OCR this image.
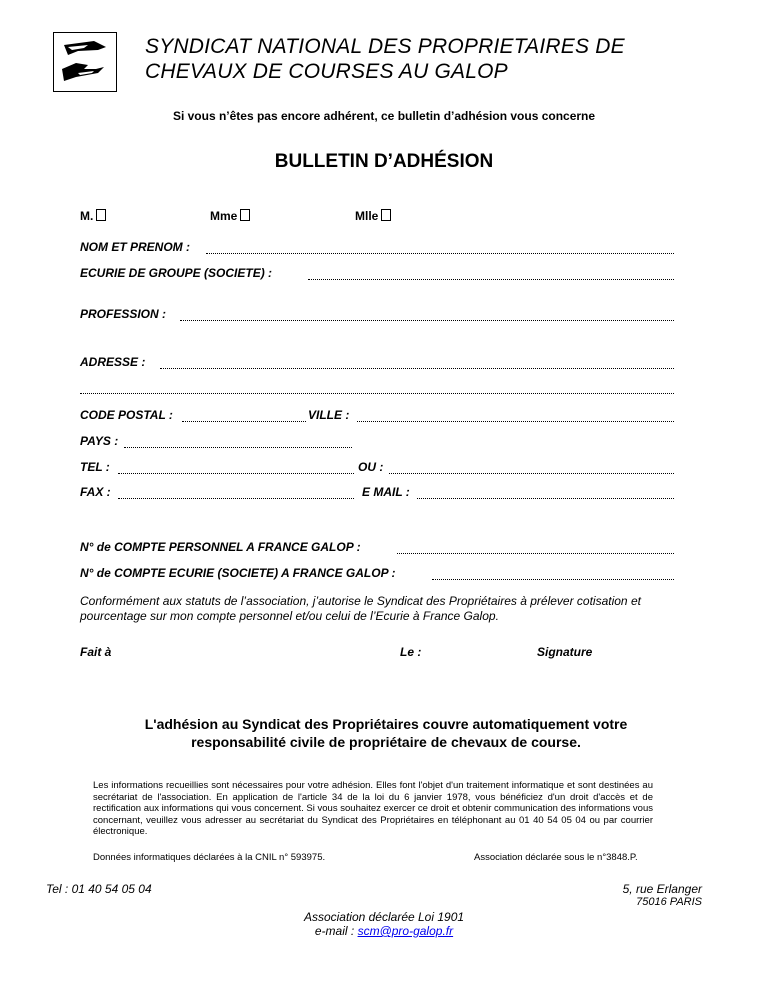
SYNDICAT NATIONAL DES PROPRIETAIRES DE
CHEVAUX DE COURSES AU GALOP
Si vous n’êtes pas encore adhérent, ce bulletin d’adhésion vous concerne
BULLETIN D’ADHÉSION
M.	Mme	Mlle
NOM ET PRENOM :
ECURIE DE GROUPE (SOCIETE) :
PROFESSION :
ADRESSE :
CODE POSTAL :	VILLE :
PAYS :
TEL :	OU :
FAX :	E MAIL :
N° de COMPTE PERSONNEL A FRANCE GALOP :
N° de COMPTE ECURIE (SOCIETE) A FRANCE GALOP :
Conformément aux statuts de l’association, j’autorise le Syndicat des Propriétaires à prélever cotisation et pourcentage sur mon compte personnel et/ou celui de l’Ecurie à France Galop.
Fait à	Le :	Signature
L'adhésion au Syndicat des Propriétaires couvre automatiquement votre responsabilité civile de propriétaire de chevaux de course.
Les informations recueillies sont nécessaires pour votre adhésion. Elles font l'objet d'un traitement informatique et sont destinées au secrétariat de l'association. En application de l'article 34 de la loi du 6 janvier 1978, vous bénéficiez d'un droit d'accès et de rectification aux informations qui vous concernent. Si vous souhaitez exercer ce droit et obtenir communication des informations vous concernant, veuillez vous adresser au secrétariat du Syndicat des Propriétaires en téléphonant au 01 40 54 05 04 ou par courrier électronique.
Données informatiques déclarées à la CNIL n° 593975.	Association déclarée sous le n°3848.P.
Tel : 01 40 54 05 04	5, rue Erlanger
75016 PARIS
Association déclarée Loi 1901
e-mail : scm@pro-galop.fr
